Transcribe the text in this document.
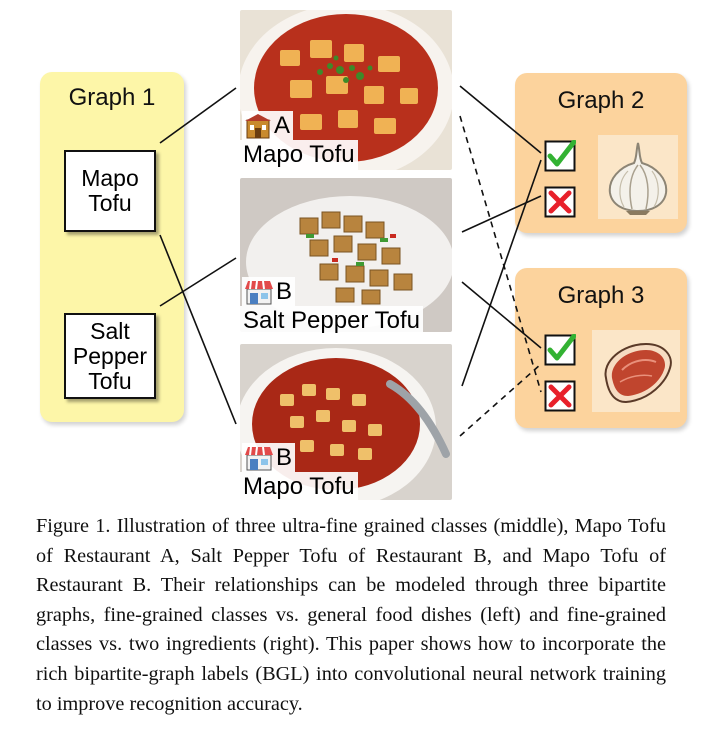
Graph 1
Mapo
Tofu
Salt
Pepper
Tofu
Graph 2
Graph 3
A
Mapo Tofu
B
Salt Pepper Tofu
B
Mapo Tofu
Figure 1. Illustration of three ultra-fine grained classes (middle), Mapo Tofu of Restaurant A, Salt Pepper Tofu of Restaurant B, and Mapo Tofu of Restaurant B. Their relationships can be modeled through three bipartite graphs, fine-grained classes vs. general food dishes (left) and fine-grained classes vs. two ingredients (right). This paper shows how to incorporate the rich bipartite-graph labels (BGL) into convolutional neural network training to improve recognition accuracy.
